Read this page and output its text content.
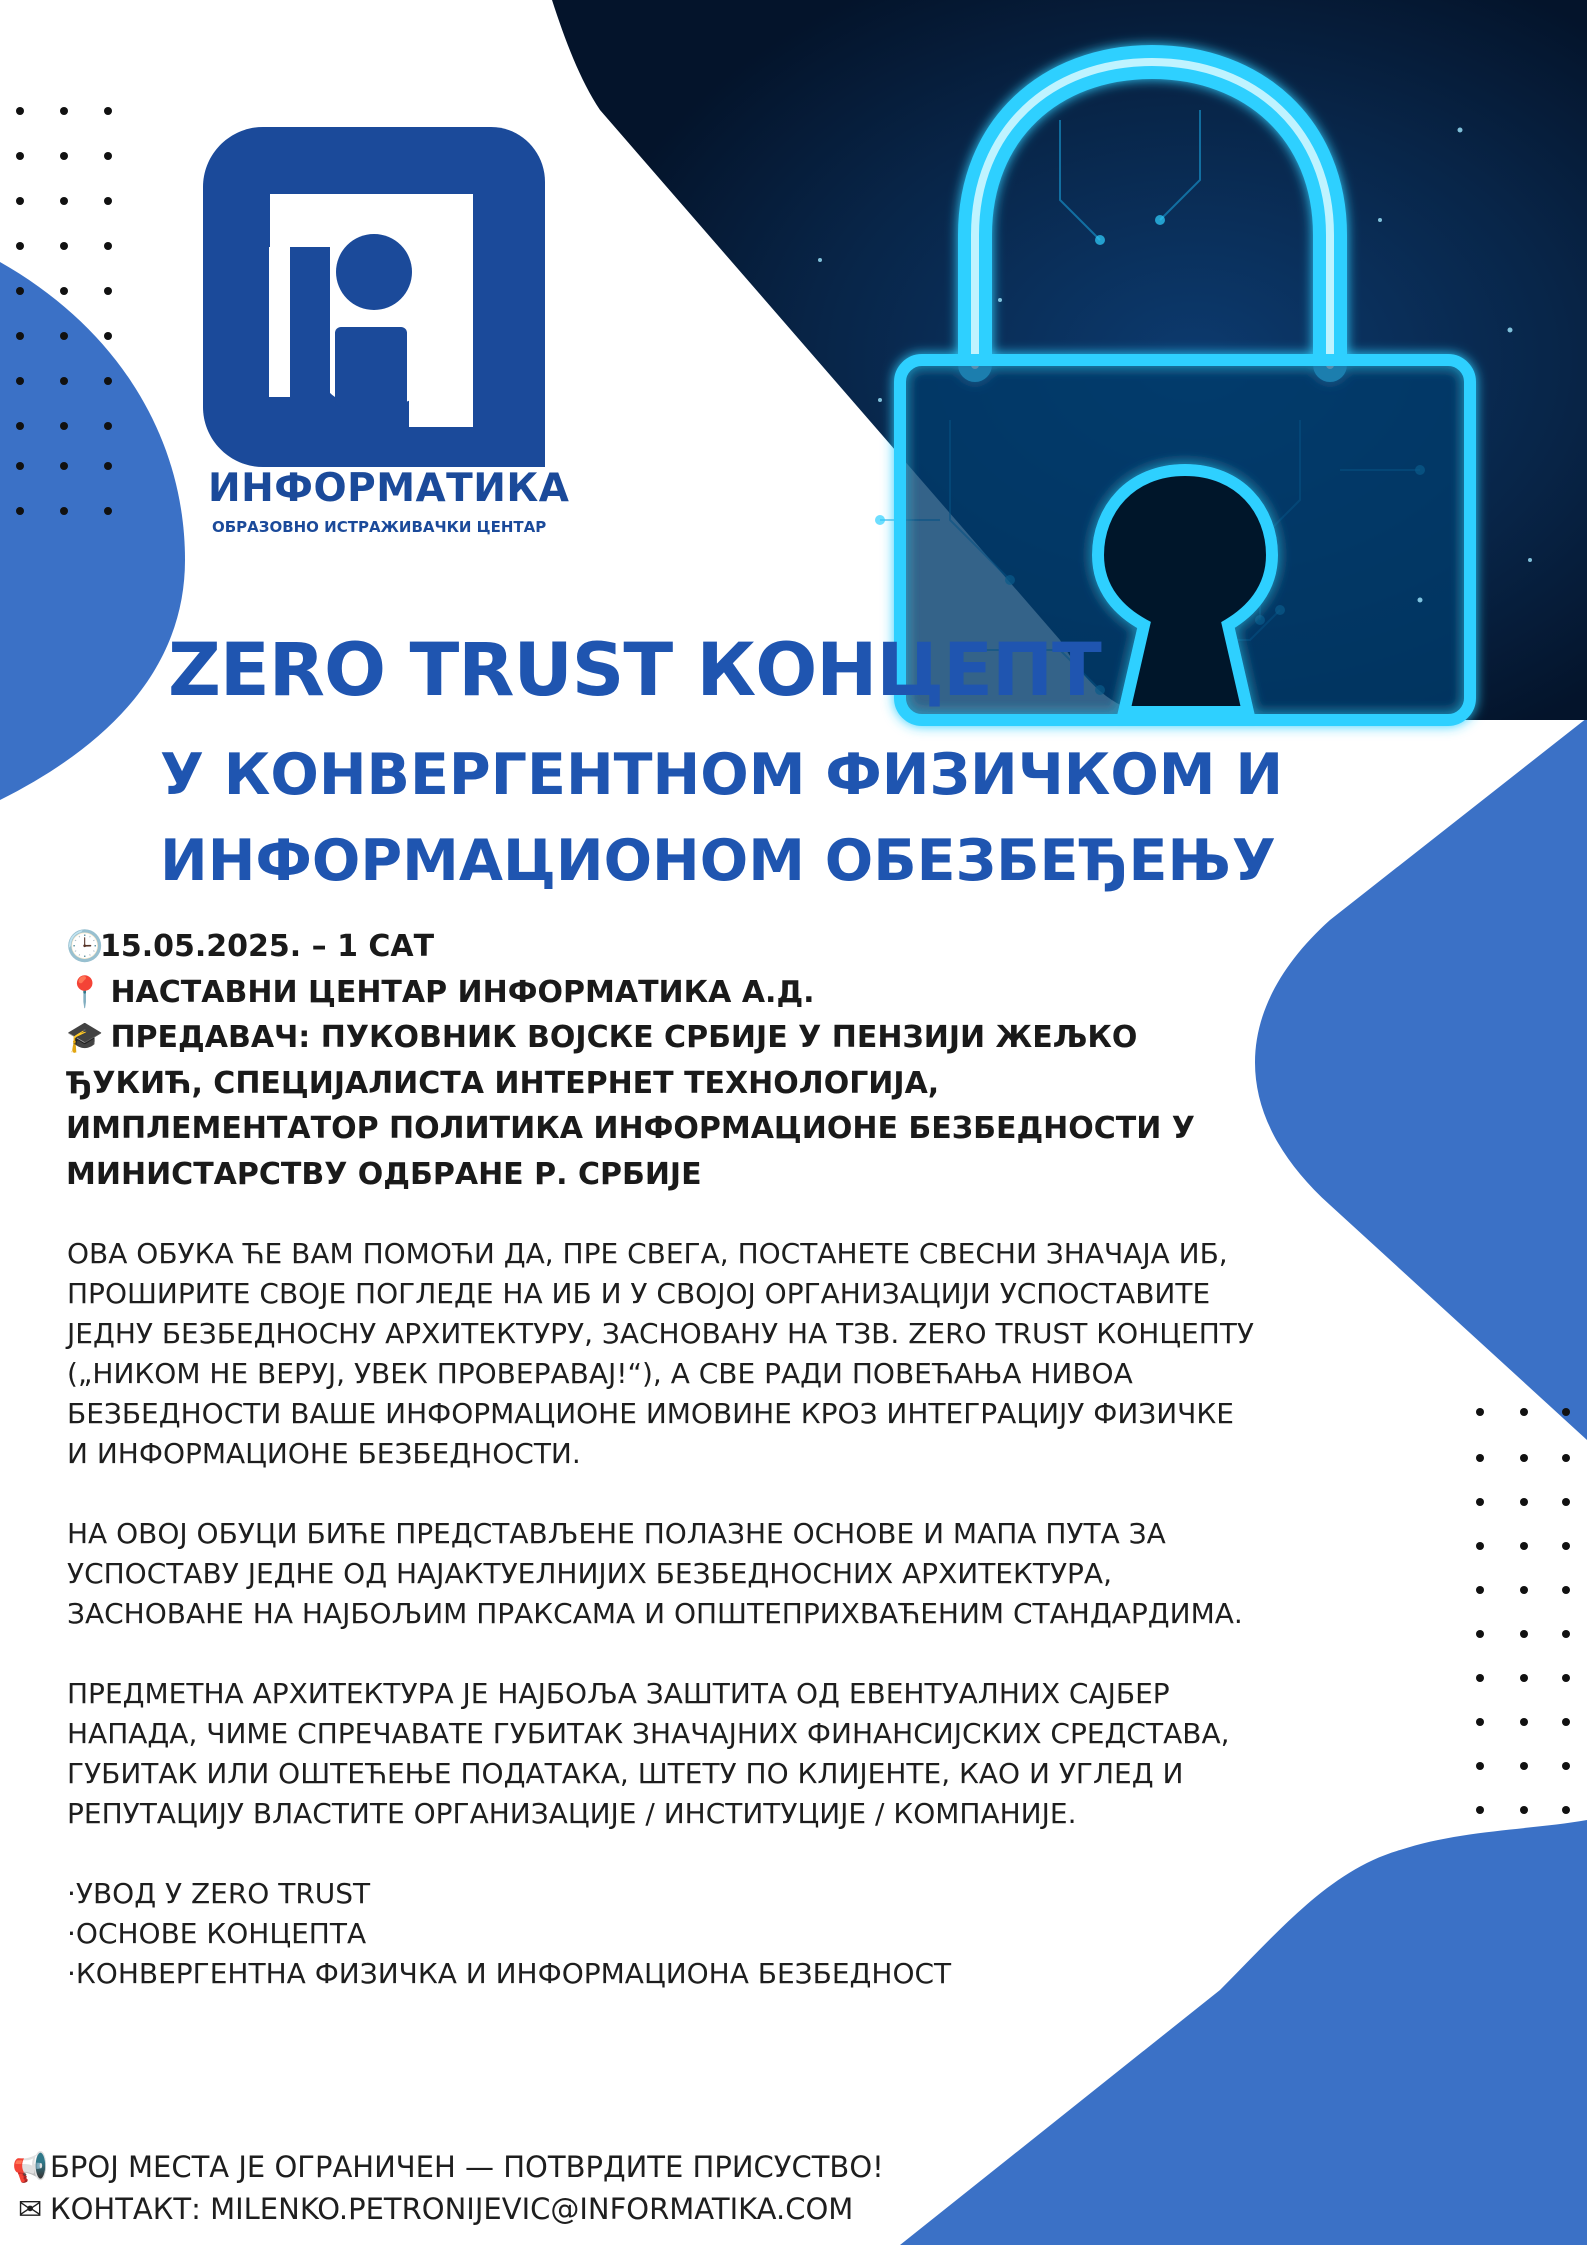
ИНФОРМАТИКА
ОБРАЗОВНО ИСТРАЖИВАЧКИ ЦЕНТАР
ZERO TRUST КОНЦЕПТ
У КОНВЕРГЕНТНОМ ФИЗИЧКОМ И
ИНФОРМАЦИОНОМ ОБЕЗБЕЂЕЊУ
🕒15.05.2025. – 1 САТ
📍 НАСТАВНИ ЦЕНТАР ИНФОРМАТИКА А.Д.
🎓 ПРЕДАВАЧ: ПУКОВНИК ВОЈСКЕ СРБИЈЕ У ПЕНЗИЈИ ЖЕЉКО
ЂУКИЋ, СПЕЦИЈАЛИСТА ИНТЕРНЕТ ТЕХНОЛОГИЈА,
ИМПЛЕМЕНТАТОР ПОЛИТИКА ИНФОРМАЦИОНЕ БЕЗБЕДНОСТИ У
МИНИСТАРСТВУ ОДБРАНЕ Р. СРБИЈЕ
ОВА ОБУКА ЋЕ ВАМ ПОМОЋИ ДА, ПРЕ СВЕГА, ПОСТАНЕТЕ СВЕСНИ ЗНАЧАЈА ИБ,
ПРОШИРИТЕ СВОЈЕ ПОГЛЕДЕ НА ИБ И У СВОЈОЈ ОРГАНИЗАЦИЈИ УСПОСТАВИТЕ
ЈЕДНУ БЕЗБЕДНОСНУ АРХИТЕКТУРУ, ЗАСНОВАНУ НА ТЗВ. ZERO TRUST КОНЦЕПТУ
(„НИКОМ НЕ ВЕРУЈ, УВЕК ПРОВЕРАВАЈ!“), А СВЕ РАДИ ПОВЕЋАЊА НИВОА
БЕЗБЕДНОСТИ ВАШЕ ИНФОРМАЦИОНЕ ИМОВИНЕ КРОЗ ИНТЕГРАЦИЈУ ФИЗИЧКЕ
И ИНФОРМАЦИОНЕ БЕЗБЕДНОСТИ.
НА ОВОЈ ОБУЦИ БИЋЕ ПРЕДСТАВЉЕНЕ ПОЛАЗНЕ ОСНОВЕ И МАПА ПУТА ЗА
УСПОСТАВУ ЈЕДНЕ ОД НАЈАКТУЕЛНИЈИХ БЕЗБЕДНОСНИХ АРХИТЕКТУРА,
ЗАСНОВАНЕ НА НАЈБОЉИМ ПРАКСАМА И ОПШТЕПРИХВАЋЕНИМ СТАНДАРДИМА.
ПРЕДМЕТНА АРХИТЕКТУРА ЈЕ НАЈБОЉА ЗАШТИТА ОД ЕВЕНТУАЛНИХ САЈБЕР
НАПАДА, ЧИМЕ СПРЕЧАВАТЕ ГУБИТАК ЗНАЧАЈНИХ ФИНАНСИЈСКИХ СРЕДСТАВА,
ГУБИТАК ИЛИ ОШТЕЋЕЊЕ ПОДАТАКА, ШТЕТУ ПО КЛИЈЕНТЕ, КАО И УГЛЕД И
РЕПУТАЦИЈУ ВЛАСТИТЕ ОРГАНИЗАЦИЈЕ / ИНСТИТУЦИЈЕ / КОМПАНИЈЕ.
·УВОД У ZERO TRUST
·ОСНОВЕ КОНЦЕПТА
·КОНВЕРГЕНТНА ФИЗИЧКА И ИНФОРМАЦИОНА БЕЗБЕДНОСТ
📢БРОЈ МЕСТА ЈЕ ОГРАНИЧЕН — ПОТВРДИТЕ ПРИСУСТВО!
✉ КОНТАКТ: MILENKO.PETRONIJEVIC@INFORMATIKA.COM
